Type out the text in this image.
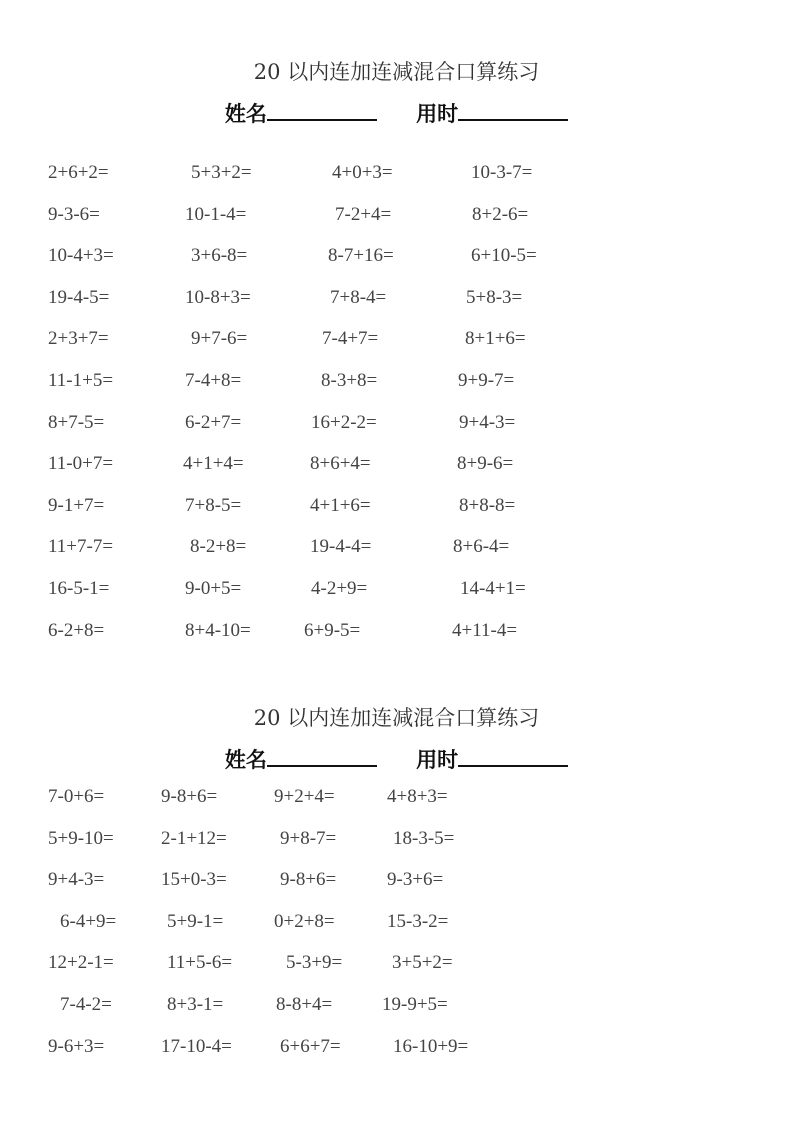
20 以内连加连减混合口算练习
姓名	用时
2+6+2=	5+3+2=	4+0+3=	10-3-7=
9-3-6=	10-1-4=	7-2+4=	8+2-6=
10-4+3=	3+6-8=	8-7+16=	6+10-5=
19-4-5=	10-8+3=	7+8-4=	5+8-3=
2+3+7=	9+7-6=	7-4+7=	8+1+6=
11-1+5=	7-4+8=	8-3+8=	9+9-7=
8+7-5=	6-2+7=	16+2-2=	9+4-3=
11-0+7=	4+1+4=	8+6+4=	8+9-6=
9-1+7=	7+8-5=	4+1+6=	8+8-8=
11+7-7=	8-2+8=	19-4-4=	8+6-4=
16-5-1=	9-0+5=	4-2+9=	14-4+1=
6-2+8=	8+4-10=	6+9-5=	4+11-4=
20 以内连加连减混合口算练习
姓名	用时
7-0+6=	9-8+6=	9+2+4=	4+8+3=
5+9-10= 2-1+12=	9+8-7=	18-3-5=
9+4-3=	15+0-3=	9-8+6=	9-3+6=
6-4+9=	5+9-1=	0+2+8=	15-3-2=
12+2-1=	11+5-6=	5-3+9=	3+5+2=
7-4-2=	8+3-1=	8-8+4=	19-9+5=
9-6+3=	17-10-4=	6+6+7=	16-10+9=
